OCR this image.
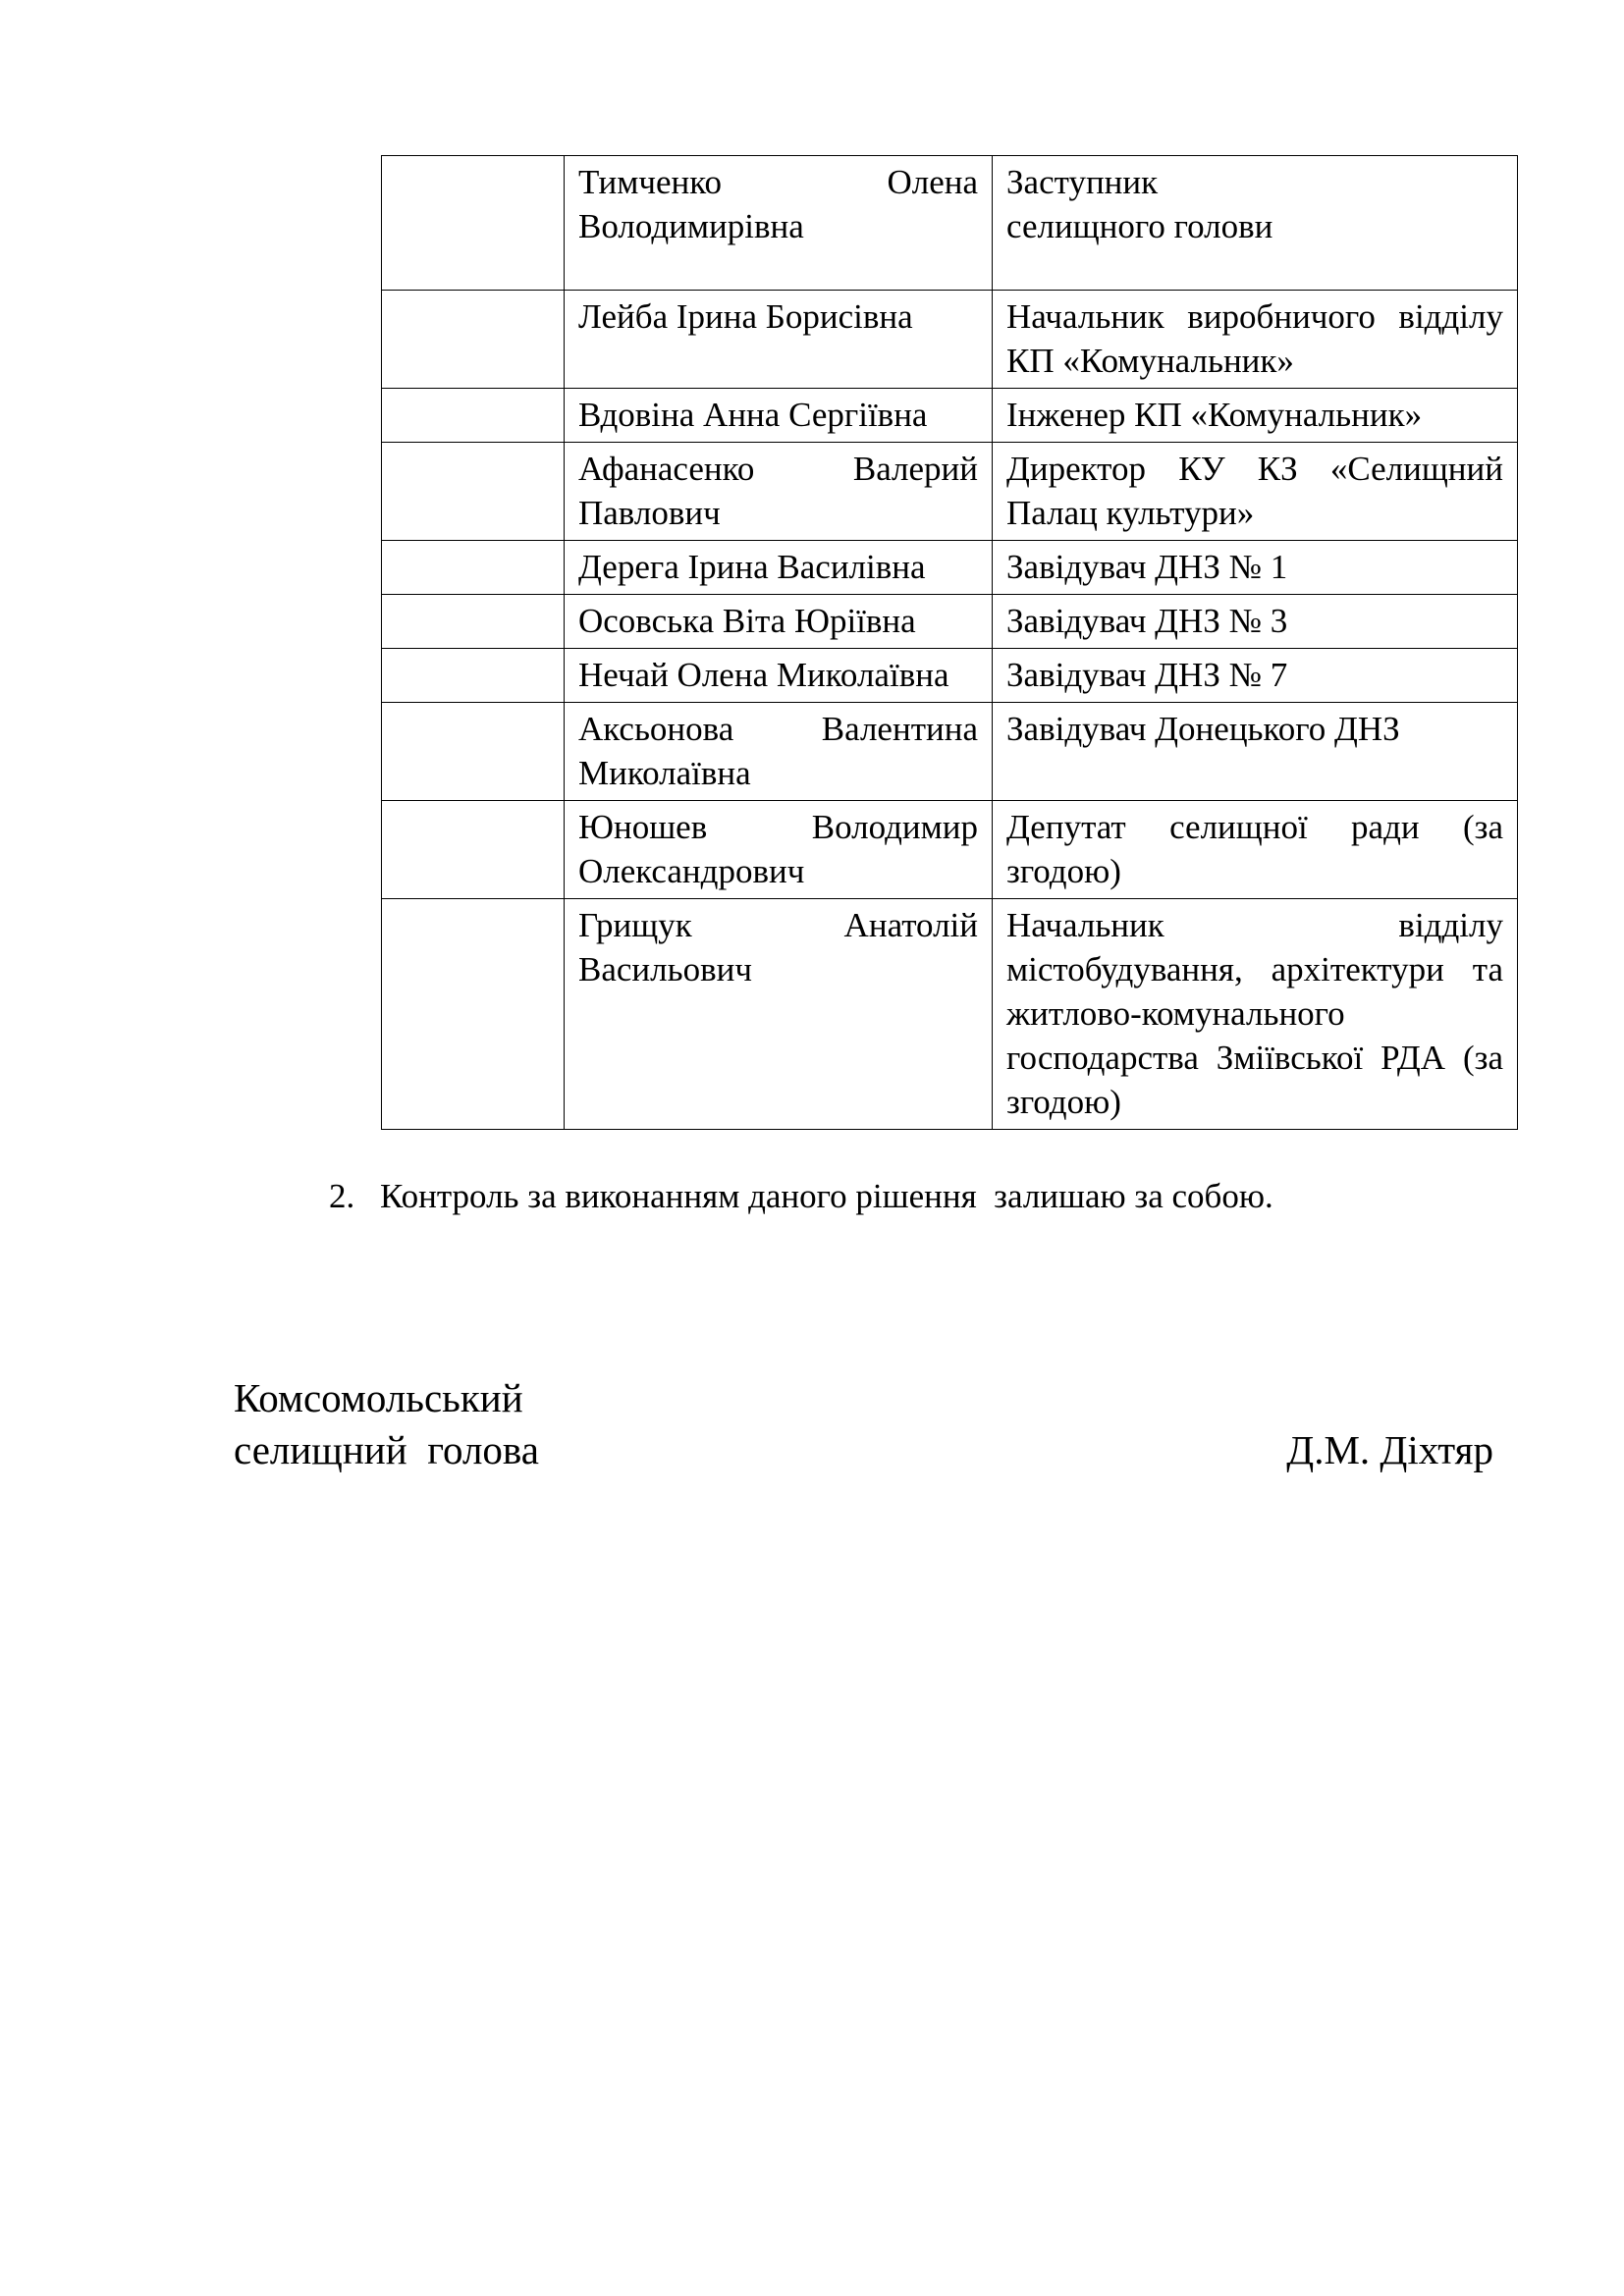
	Тимченко Олена Володимирівна	Заступник
селищного голови
	Лейба Ірина Борисівна	Начальник виробничого відділу КП «Комунальник»
	Вдовіна Анна Сергіївна	Інженер КП «Комунальник»
	Афанасенко Валерий Павлович	Директор КУ КЗ «Селищний Палац культури»
	Дерега Ірина Василівна	Завідувач ДНЗ № 1
	Осовська Віта Юріївна	Завідувач ДНЗ № 3
	Нечай Олена Миколаївна	Завідувач ДНЗ № 7
	Аксьонова Валентина Миколаївна	Завідувач Донецького ДНЗ
	Юношев Володимир Олександрович	Депутат селищної ради (за згодою)
	Грищук Анатолій Васильович	Начальник відділу містобудування, архітектури та житлово-комунального господарства Зміївської РДА (за згодою)
2. Контроль за виконанням даного рішення  залишаю за собою.
Комсомольський
селищний  голова	Д.М. Діхтяр
